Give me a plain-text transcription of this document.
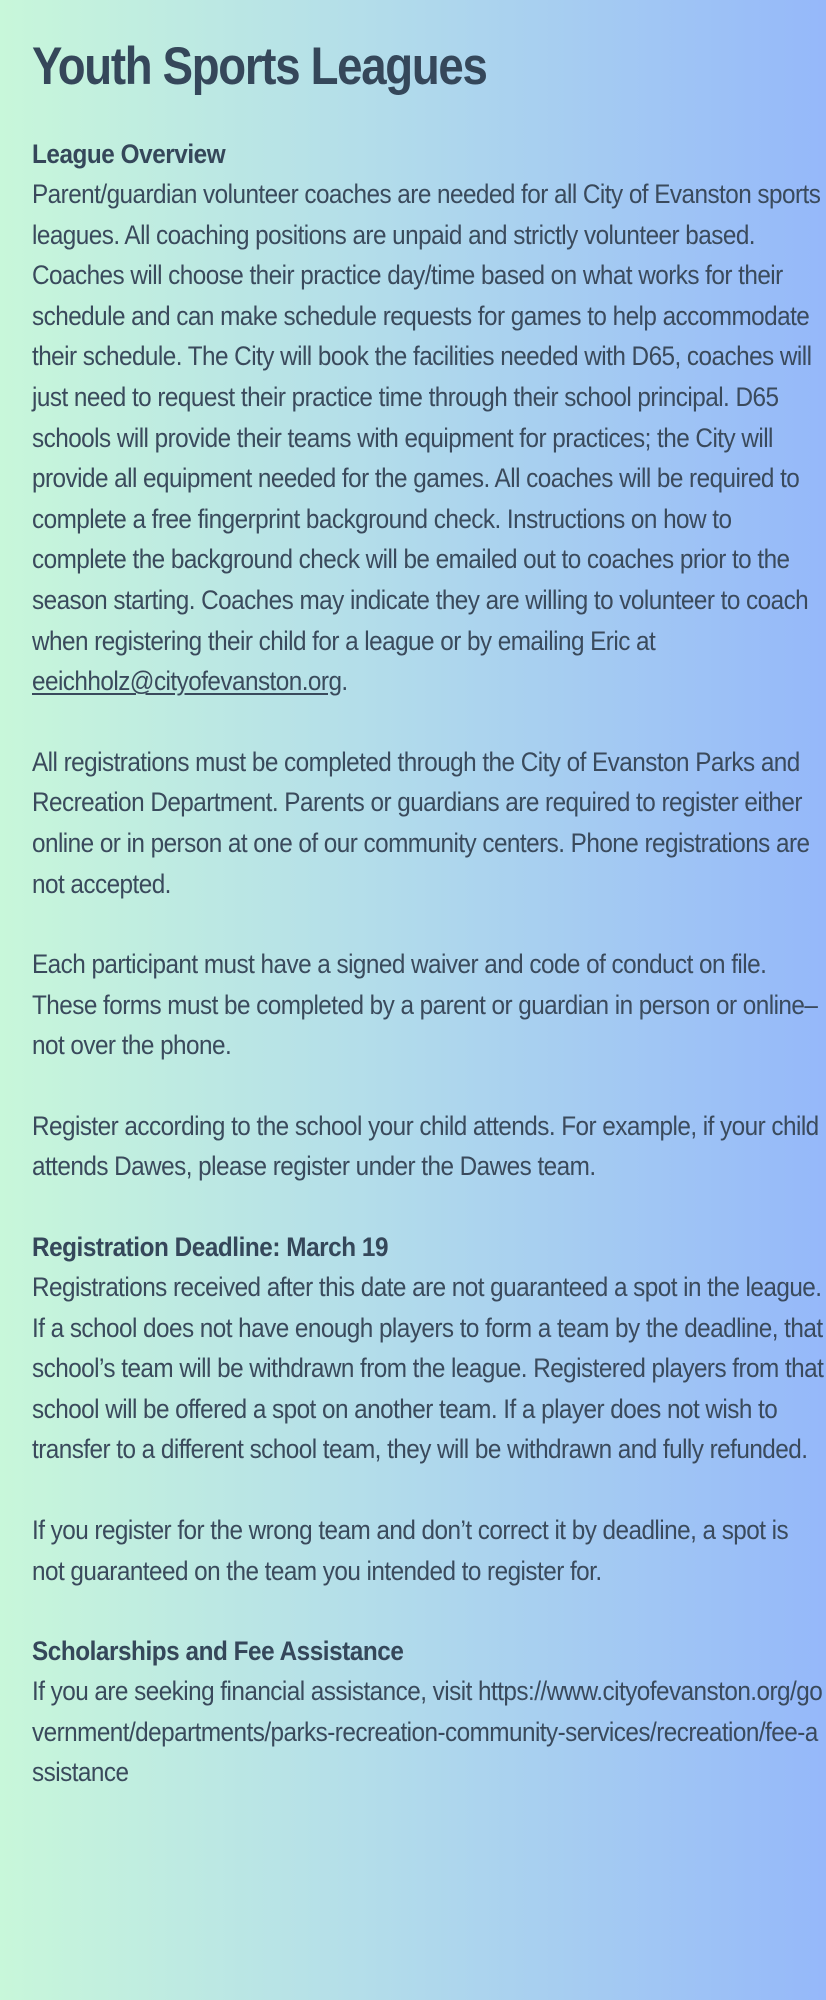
Youth Sports Leagues
League Overview

Parent/guardian volunteer coaches are needed for all City of Evanston sports leagues. All coaching positions are unpaid and strictly volunteer based. Coaches will choose their practice day/time based on what works for their schedule and can make schedule requests for games to help accommodate their schedule. The City will book the facilities needed with D65, coaches will just need to request their practice time through their school principal. D65 schools will provide their teams with equipment for practices; the City will provide all equipment needed for the games. All coaches will be required to complete a free fingerprint background check. Instructions on how to complete the background check will be emailed out to coaches prior to the season starting. Coaches may indicate they are willing to volunteer to coach when registering their child for a league or by emailing Eric at eeichholz@cityofevanston.org.

All registrations must be completed through the City of Evanston Parks and Recreation Department. Parents or guardians are required to register either online or in person at one of our community centers. Phone registrations are not accepted.

Each participant must have a signed waiver and code of conduct on file. These forms must be completed by a parent or guardian in person or online–not over the phone.

Register according to the school your child attends. For example, if your child attends Dawes, please register under the Dawes team.

Registration Deadline: March 19

Registrations received after this date are not guaranteed a spot in the league. If a school does not have enough players to form a team by the deadline, that school’s team will be withdrawn from the league. Registered players from that school will be offered a spot on another team. If a player does not wish to transfer to a different school team, they will be withdrawn and fully refunded.

If you register for the wrong team and don’t correct it by deadline, a spot is not guaranteed on the team you intended to register for.

Scholarships and Fee Assistance

If you are seeking financial assistance, visit https://www.cityofevanston.org/government/departments/parks-recreation-community-services/recreation/fee-assistance
